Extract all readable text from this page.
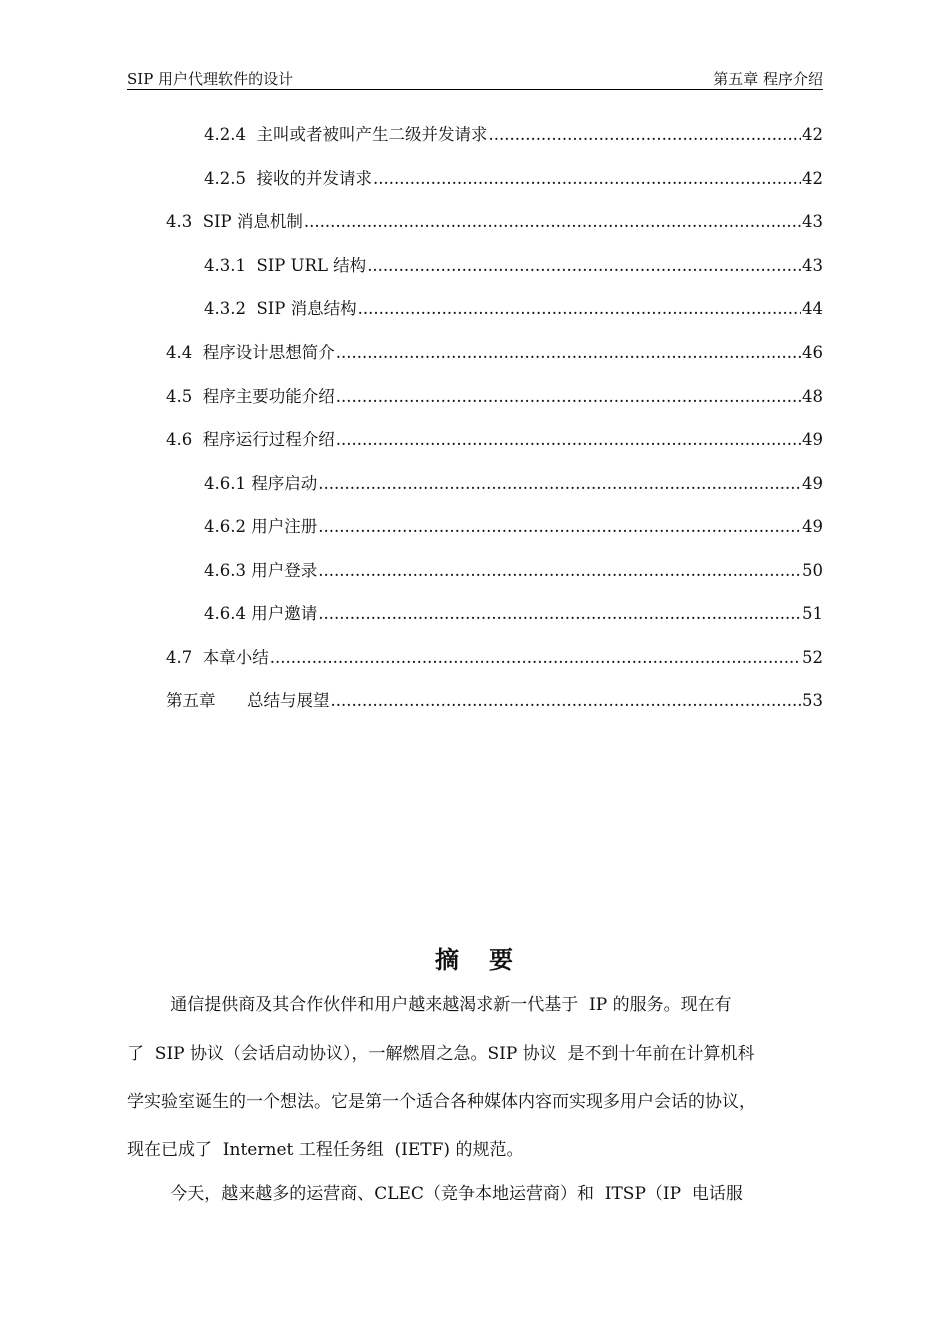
SIP 用户代理软件的设计	第五章 程序介绍
4.2.4  主叫或者被叫产生二级并发请求 .....	42
4.2.5  接收的并发请求 .....	42
4.3  SIP 消息机制 .....	43
4.3.1  SIP URL 结构 .....	43
4.3.2  SIP 消息结构 .....	44
4.4  程序设计思想简介 .....	46
4.5  程序主要功能介绍 .....	48
4.6  程序运行过程介绍 .....	49
4.6.1 程序启动 .....	49
4.6.2 用户注册 .....	49
4.6.3 用户登录 .....	50
4.6.4 用户邀请 .....	51
4.7  本章小结 .....	52
第五章      总结与展望 .....	53
摘 要
通信提供商及其合作伙伴和用户越来越渴求新一代基于  IP 的服务。现在有
了  SIP 协议（会话启动协议），一解燃眉之急。SIP 协议  是不到十年前在计算机科
学实验室诞生的一个想法。它是第一个适合各种媒体内容而实现多用户会话的协议，
现在已成了  Internet 工程任务组  (IETF) 的规范。
今天，越来越多的运营商、CLEC（竞争本地运营商）和  ITSP（IP  电话服
